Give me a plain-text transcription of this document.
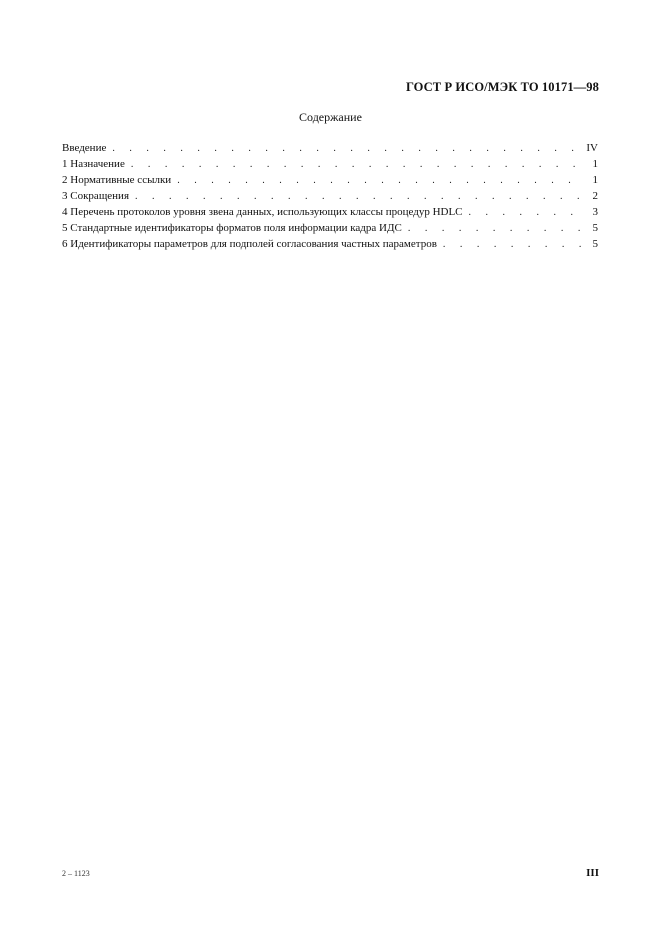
ГОСТ Р ИСО/МЭК ТО 10171—98
Содержание
Введение . . .	IV
1 Назначение . . .	1
2 Нормативные ссылки . . .	1
3 Сокращения . . .	2
4 Перечень протоколов уровня звена данных, использующих классы процедур HDLC . . .	3
5 Стандартные идентификаторы форматов поля информации кадра ИДС . . .	5
6 Идентификаторы параметров для подполей согласования частных параметров . . .	5
2 – 1123	III
